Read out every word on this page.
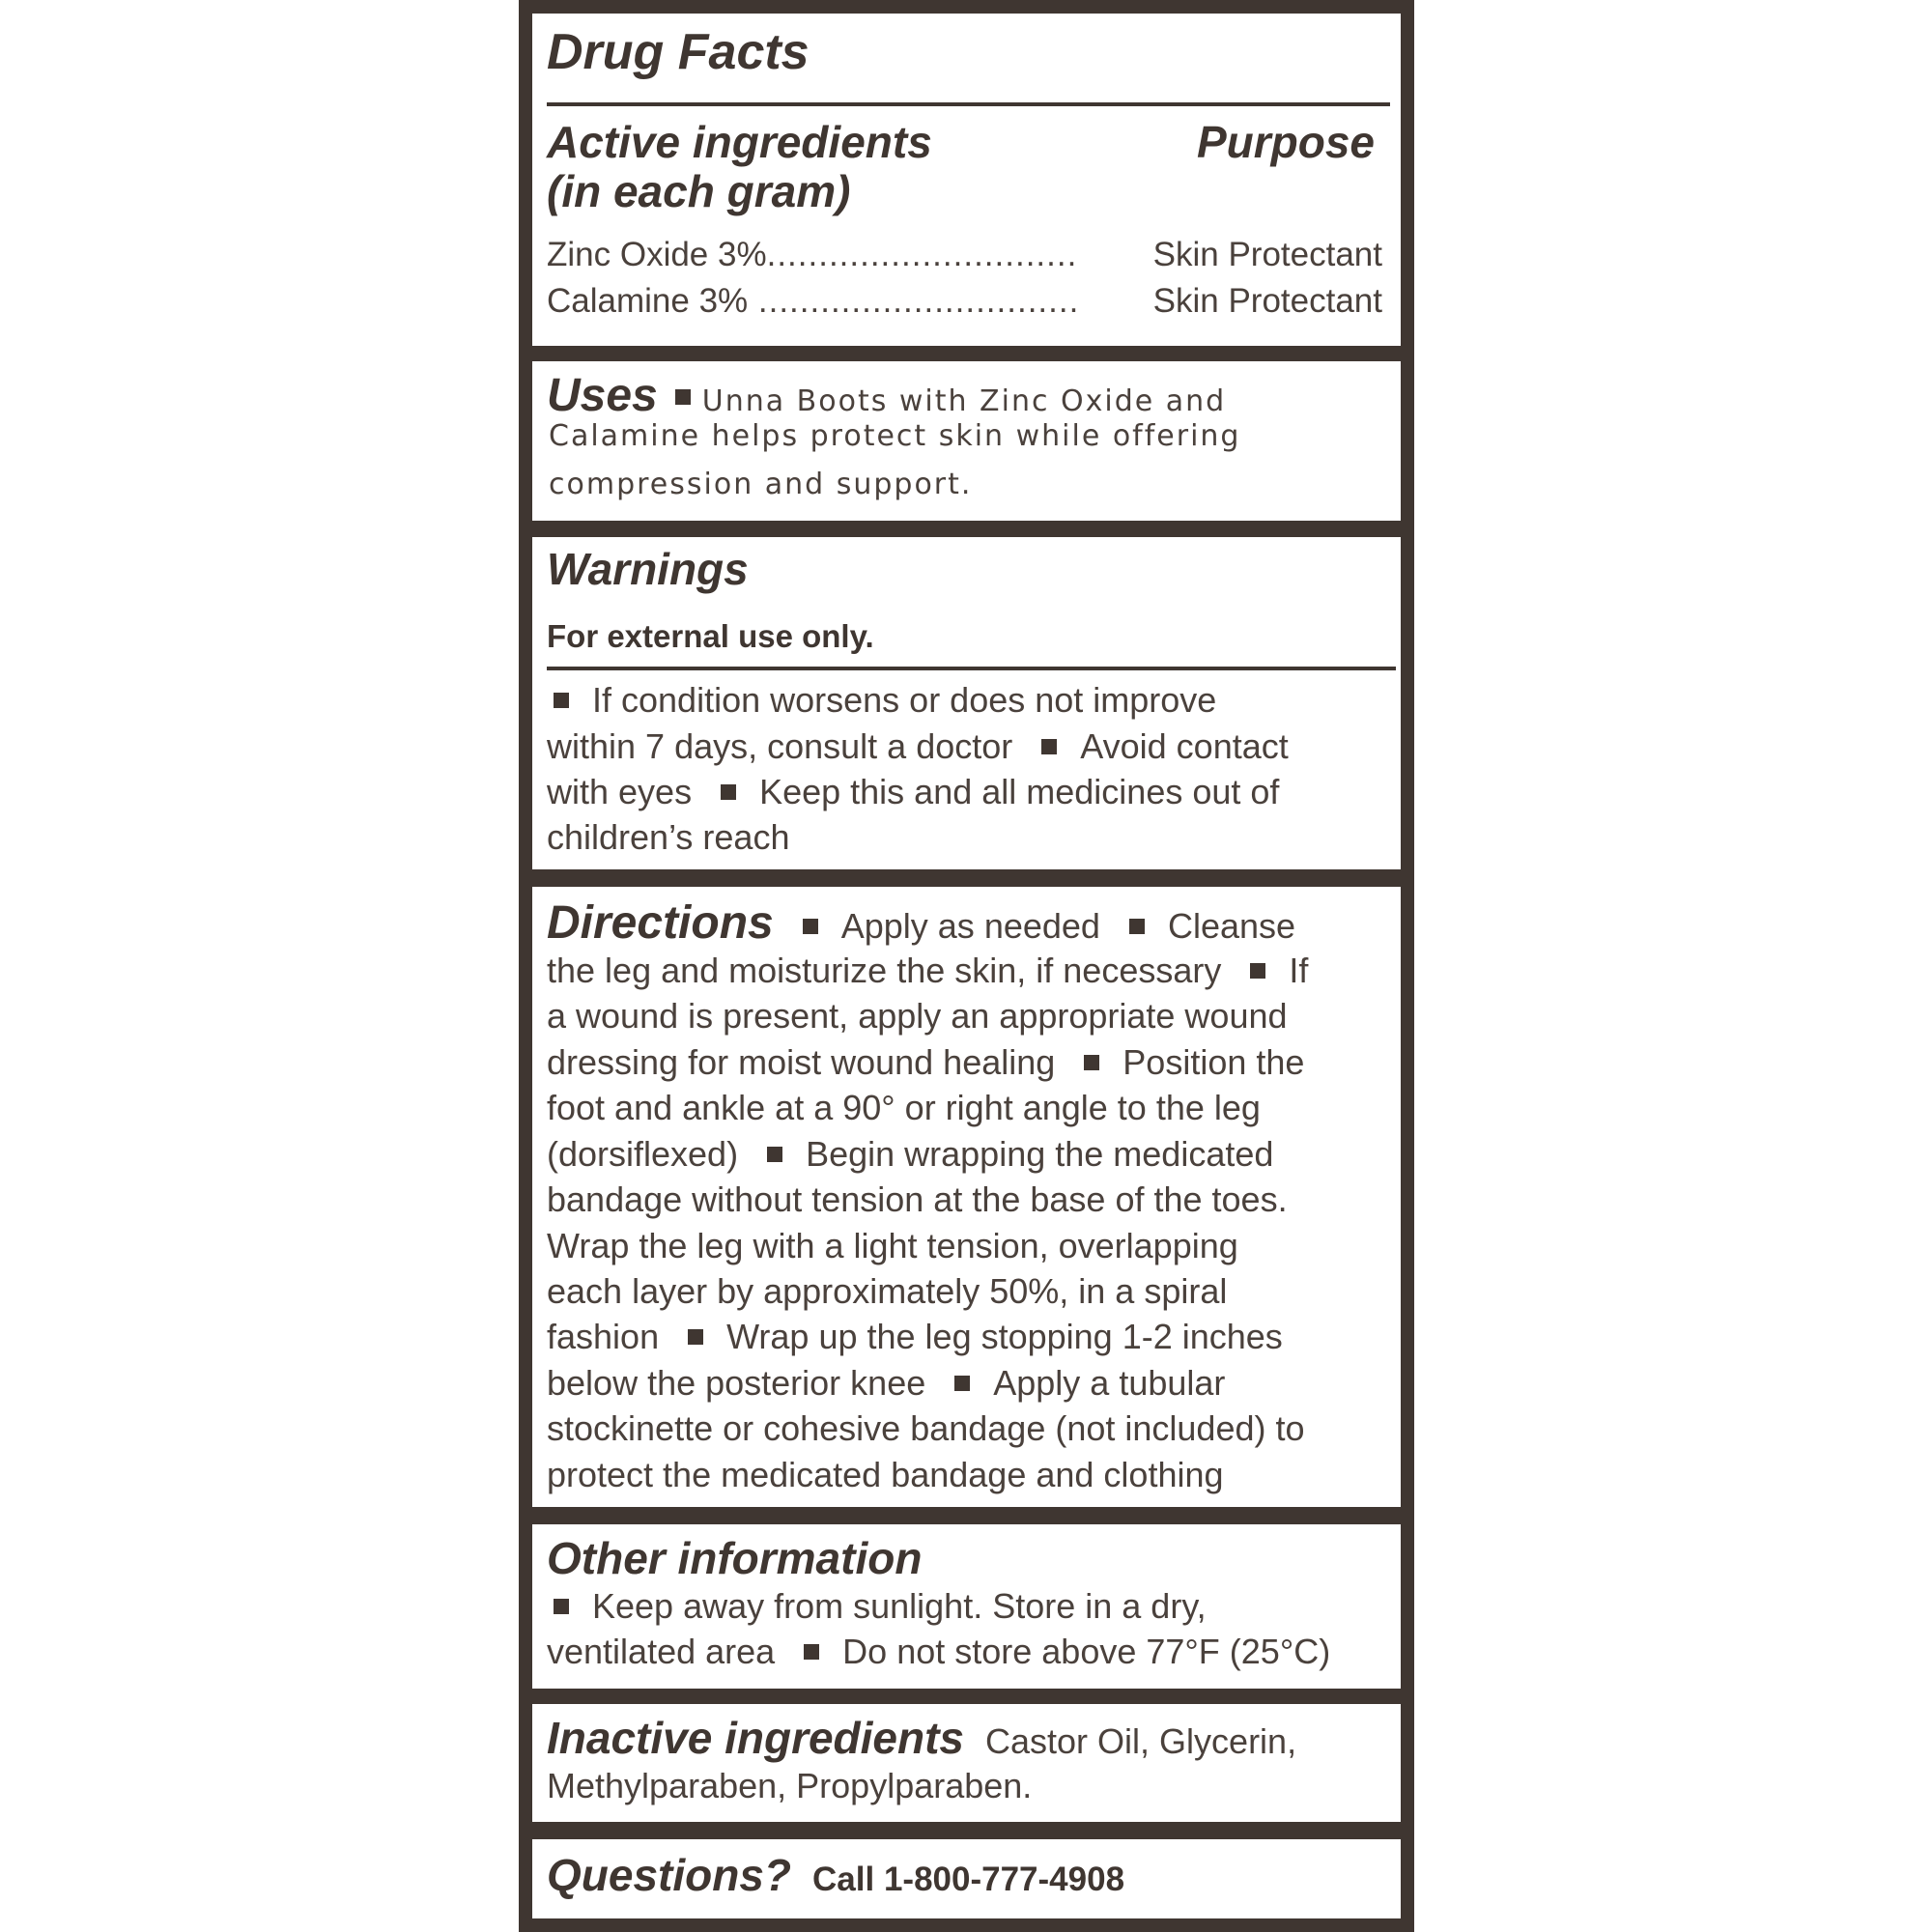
Drug Facts
Active ingredients
(in each gram)
Purpose
Zinc Oxide 3%.............................. Skin Protectant
Calamine 3% ............................... Skin Protectant
Uses Unna Boots with Zinc Oxide and
Calamine helps protect skin while offering
compression and support.
Warnings
For external use only.
If condition worsens or does not improve
within 7 days, consult a doctor Avoid contact
with eyes Keep this and all medicines out of
children’s reach
Directions Apply as needed Cleanse
the leg and moisturize the skin, if necessary If
a wound is present, apply an appropriate wound
dressing for moist wound healing Position the
foot and ankle at a 90° or right angle to the leg
(dorsiflexed) Begin wrapping the medicated
bandage without tension at the base of the toes.
Wrap the leg with a light tension, overlapping
each layer by approximately 50%, in a spiral
fashion Wrap up the leg stopping 1-2 inches
below the posterior knee Apply a tubular
stockinette or cohesive bandage (not included) to
protect the medicated bandage and clothing
Other information
Keep away from sunlight. Store in a dry,
ventilated area Do not store above 77°F (25°C)
Inactive ingredients Castor Oil, Glycerin,
Methylparaben, Propylparaben.
Questions? Call 1-800-777-4908
